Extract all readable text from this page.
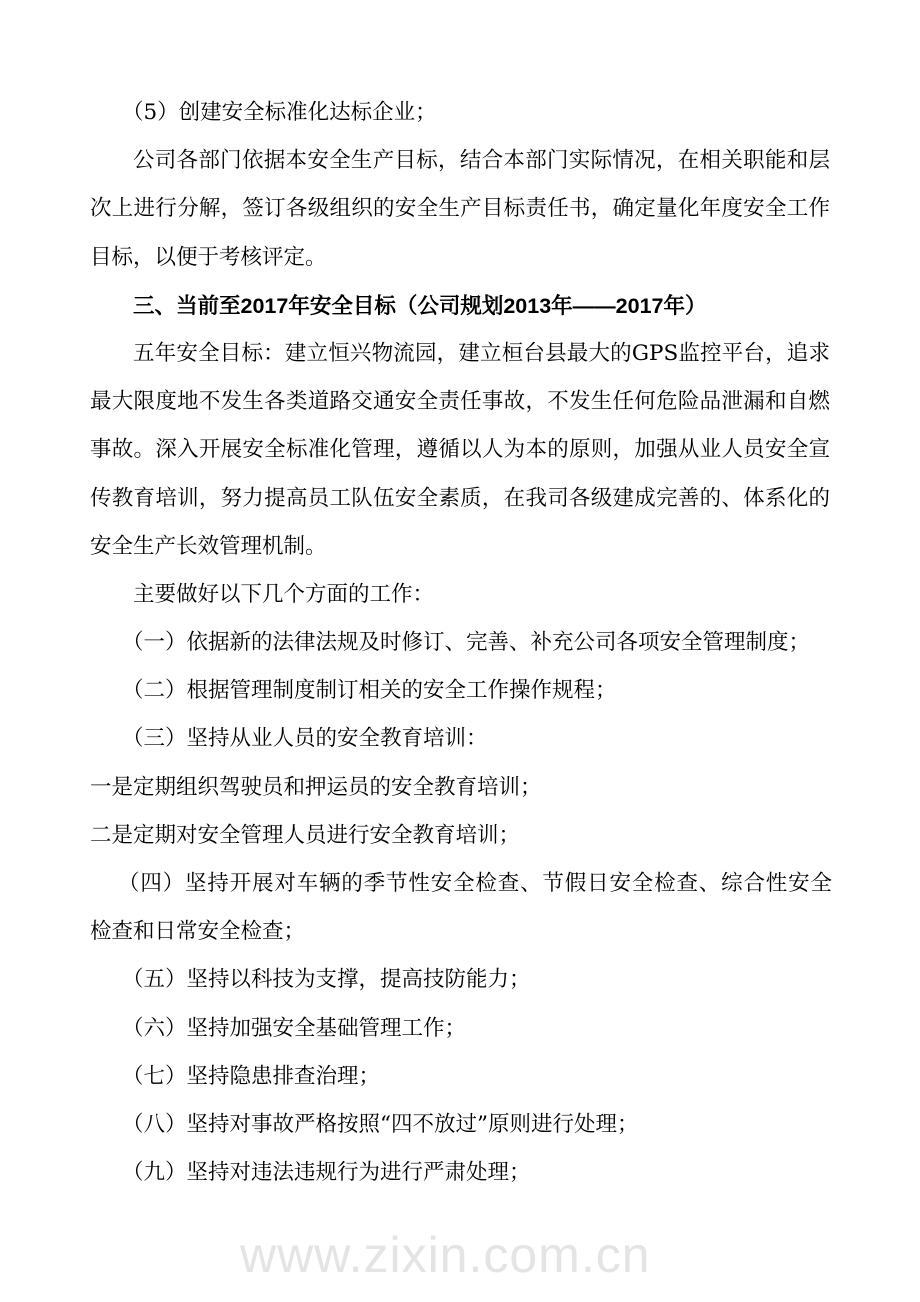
（5）创建安全标准化达标企业；
公司各部门依据本安全生产目标，结合本部门实际情况，在相关职能和层
次上进行分解，签订各级组织的安全生产目标责任书，确定量化年度安全工作
目标，以便于考核评定。
三、当前至2017年安全目标（公司规划2013年——2017年）
五年安全目标：建立恒兴物流园，建立桓台县最大的GPS监控平台，追求
最大限度地不发生各类道路交通安全责任事故，不发生任何危险品泄漏和自燃
事故。深入开展安全标准化管理，遵循以人为本的原则，加强从业人员安全宣
传教育培训，努力提高员工队伍安全素质，在我司各级建成完善的、体系化的
安全生产长效管理机制。
主要做好以下几个方面的工作：
（一）依据新的法律法规及时修订、完善、补充公司各项安全管理制度；
（二）根据管理制度制订相关的安全工作操作规程；
（三）坚持从业人员的安全教育培训：
一是定期组织驾驶员和押运员的安全教育培训；
二是定期对安全管理人员进行安全教育培训；
（四）坚持开展对车辆的季节性安全检查、节假日安全检查、综合性安全
检查和日常安全检查；
（五）坚持以科技为支撑，提高技防能力；
（六）坚持加强安全基础管理工作；
（七）坚持隐患排查治理；
（八）坚持对事故严格按照“四不放过”原则进行处理；
（九）坚持对违法违规行为进行严肃处理；
www.zixin.com.cn
